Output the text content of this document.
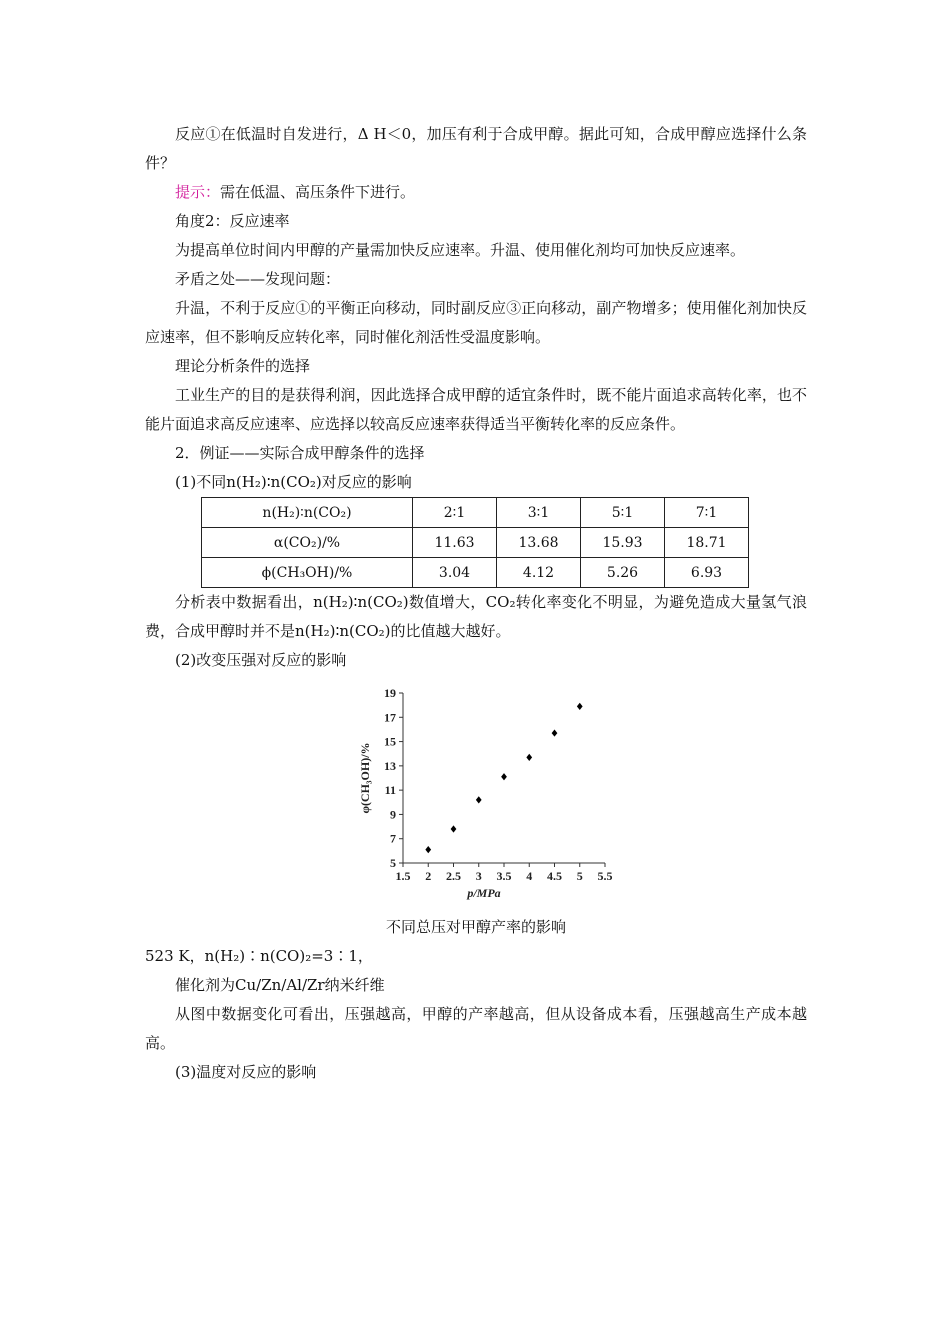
反应①在低温时自发进行，Δ H＜0，加压有利于合成甲醇。据此可知，合成甲醇应选择什么条件？

提示：需在低温、高压条件下进行。

角度2：反应速率

为提高单位时间内甲醇的产量需加快反应速率。升温、使用催化剂均可加快反应速率。

矛盾之处——发现问题：

升温，不利于反应①的平衡正向移动，同时副反应③正向移动，副产物增多；使用催化剂加快反应速率，但不影响反应转化率，同时催化剂活性受温度影响。

理论分析条件的选择

工业生产的目的是获得利润，因此选择合成甲醇的适宜条件时，既不能片面追求高转化率，也不能片面追求高反应速率、应选择以较高反应速率获得适当平衡转化率的反应条件。

2．例证——实际合成甲醇条件的选择

(1)不同n(H₂)∶n(CO₂)对反应的影响

n(H₂)∶n(CO₂)	2∶1	3∶1	5∶1	7∶1
α(CO₂)/%	11.63	13.68	15.93	18.71
ϕ(CH₃OH)/%	3.04	4.12	5.26	6.93

分析表中数据看出，n(H₂)∶n(CO₂)数值增大，CO₂转化率变化不明显，为避免造成大量氢气浪费，合成甲醇时并不是n(H₂)∶n(CO₂)的比值越大越好。

(2)改变压强对反应的影响

5
7
9
11
13
15
17
19
1.5 2 2.5 3 3.5 4 4.5 5 5.5
p/MPa
φ(CH₃OH)/%

不同总压对甲醇产率的影响

523 K，n(H₂)∶n(CO)₂=3∶1，

催化剂为Cu/Zn/Al/Zr纳米纤维

从图中数据变化可看出，压强越高，甲醇的产率越高，但从设备成本看，压强越高生产成本越高。

(3)温度对反应的影响
